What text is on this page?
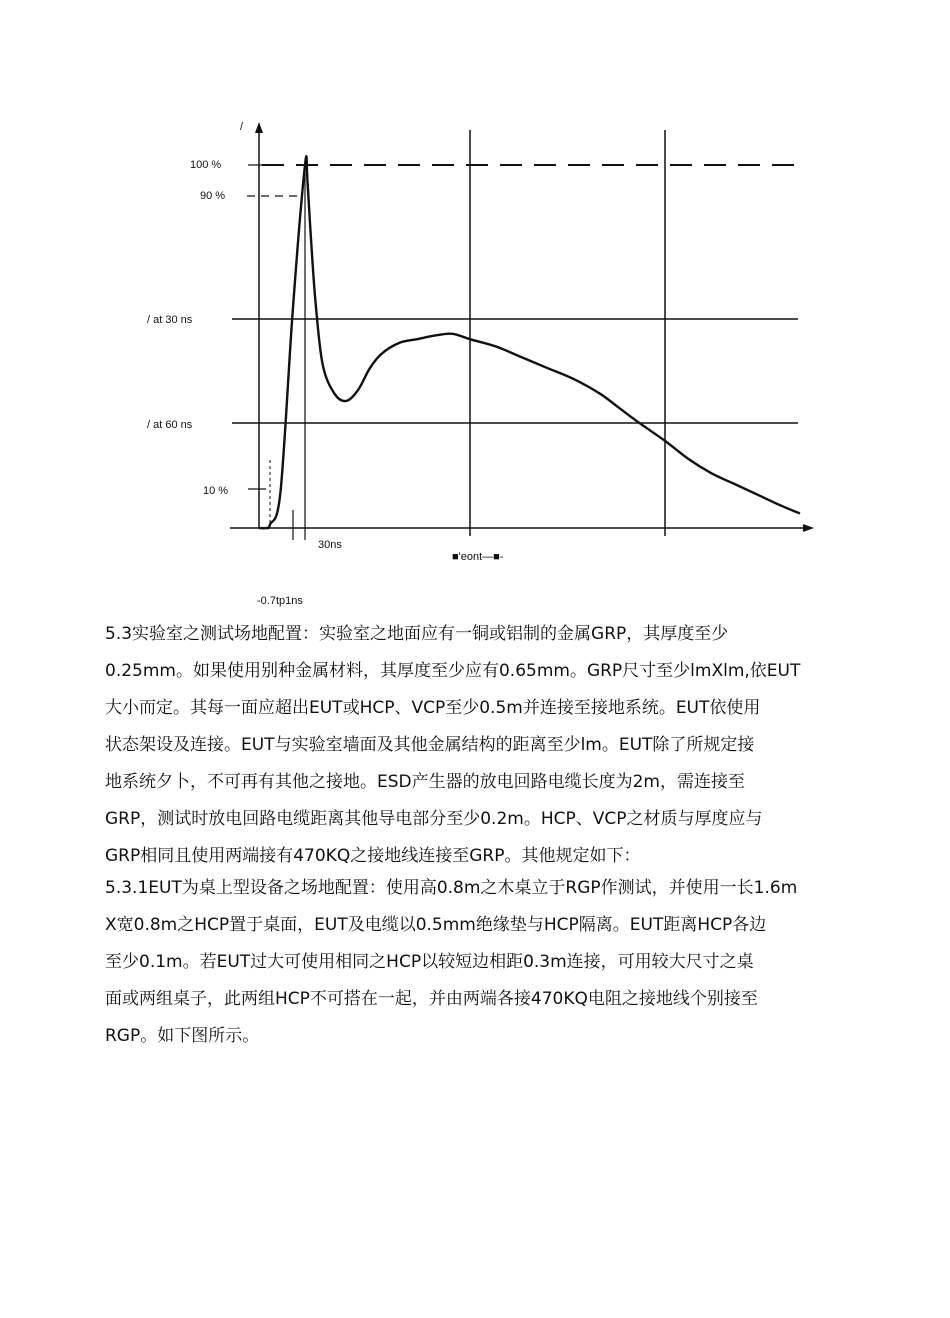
/
100 %
90 %
/ at 30 ns
/ at 60 ns
10 %
30ns
■'eont—■-
-0.7tp1ns

5.3实验室之测试场地配置：实验室之地面应有一铜或铝制的金属GRP，其厚度至少
0.25mm。如果使用别种金属材料，其厚度至少应有0.65mm。GRP尺寸至少lmXlm,依EUT
大小而定。其每一面应超出EUT或HCP、VCP至少0.5m并连接至接地系统。EUT依使用
状态架设及连接。EUT与实验室墙面及其他金属结构的距离至少lm。EUT除了所规定接
地系统夕卜，不可再有其他之接地。ESD产生器的放电回路电缆长度为2m，需连接至
GRP，测试时放电回路电缆距离其他导电部分至少0.2m。HCP、VCP之材质与厚度应与
GRP相同且使用两端接有470KQ之接地线连接至GRP。其他规定如下：

5.3.1EUT为桌上型设备之场地配置：使用高0.8m之木桌立于RGP作测试，并使用一长1.6m
X宽0.8m之HCP置于桌面，EUT及电缆以0.5mm绝缘垫与HCP隔离。EUT距离HCP各边
至少0.1m。若EUT过大可使用相同之HCP以较短边相距0.3m连接，可用较大尺寸之桌
面或两组桌子，此两组HCP不可搭在一起，并由两端各接470KQ电阻之接地线个别接至
RGP。如下图所示。
